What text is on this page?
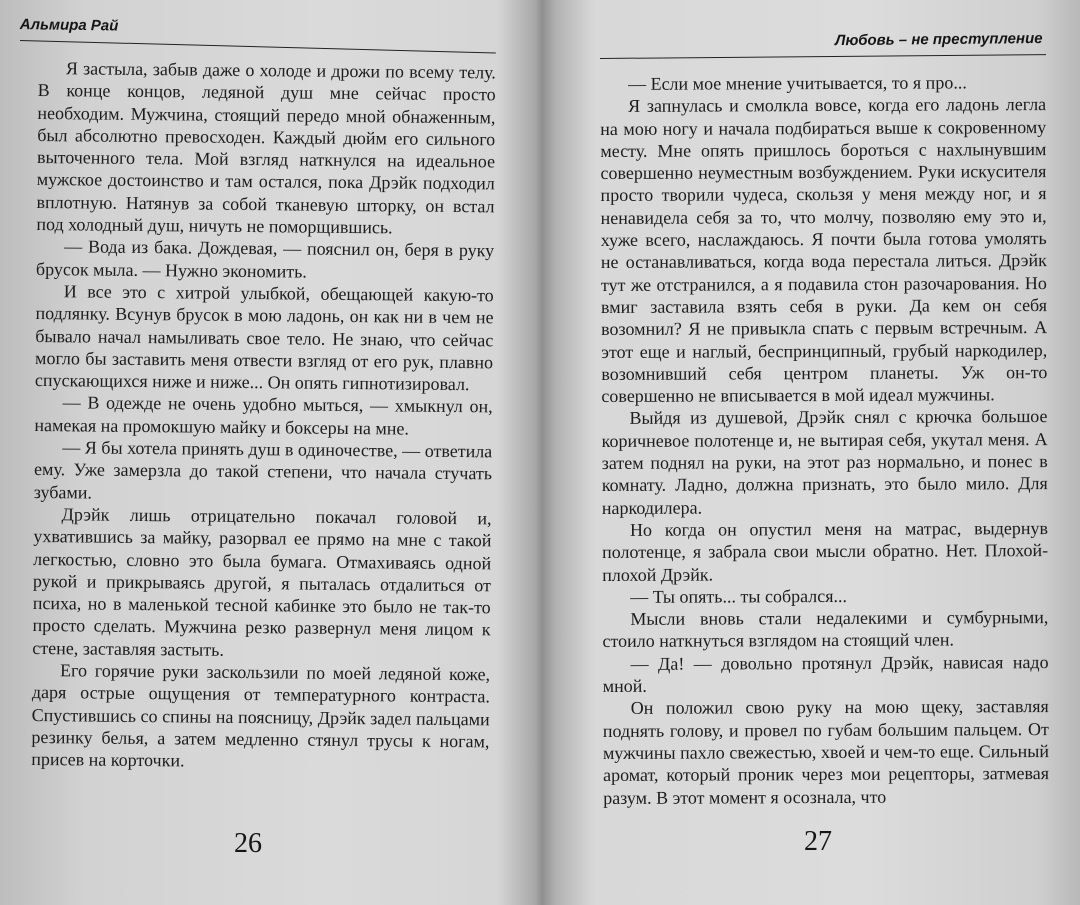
Альмира Рай

Я застыла, забыв даже о холоде и дрожи по всему телу. В конце концов, ледяной душ мне сейчас просто необходим. Мужчина, стоящий передо мной обнаженным, был абсолютно превосходен. Каждый дюйм его сильного выточенного тела. Мой взгляд наткнулся на идеальное мужское достоинство и там остался, пока Дрэйк подходил вплотную. Натянув за собой тканевую шторку, он встал под холодный душ, ничуть не поморщившись.

— Вода из бака. Дождевая, — пояснил он, беря в руку брусок мыла. — Нужно экономить.

И все это с хитрой улыбкой, обещающей какую-то подлянку. Всунув брусок в мою ладонь, он как ни в чем не бывало начал намыливать свое тело. Не знаю, что сейчас могло бы заставить меня отвести взгляд от его рук, плавно спускающихся ниже и ниже... Он опять гипнотизировал.

— В одежде не очень удобно мыться, — хмыкнул он, намекая на промокшую майку и боксеры на мне.

— Я бы хотела принять душ в одиночестве, — ответила ему. Уже замерзла до такой степени, что начала стучать зубами.

Дрэйк лишь отрицательно покачал головой и, ухватившись за майку, разорвал ее прямо на мне с такой легкостью, словно это была бумага. Отмахиваясь одной рукой и прикрываясь другой, я пыталась отдалиться от психа, но в маленькой тесной кабинке это было не так-то просто сделать. Мужчина резко развернул меня лицом к стене, заставляя застыть.

Его горячие руки заскользили по моей ледяной коже, даря острые ощущения от температурного контраста. Спустившись со спины на поясницу, Дрэйк задел пальцами резинку белья, а затем медленно стянул трусы к ногам, присев на корточки.

26
Любовь – не преступление

— Если мое мнение учитывается, то я про...

Я запнулась и смолкла вовсе, когда его ладонь легла на мою ногу и начала подбираться выше к сокровенному месту. Мне опять пришлось бороться с нахлынувшим совершенно неуместным возбуждением. Руки искусителя просто творили чудеса, скользя у меня между ног, и я ненавидела себя за то, что молчу, позволяю ему это и, хуже всего, наслаждаюсь. Я почти была готова умолять не останавливаться, когда вода перестала литься. Дрэйк тут же отстранился, а я подавила стон разочарования. Но вмиг заставила взять себя в руки. Да кем он себя возомнил? Я не привыкла спать с первым встречным. А этот еще и наглый, беспринципный, грубый наркодилер, возомнивший себя центром планеты. Уж он-то совершенно не вписывается в мой идеал мужчины.

Выйдя из душевой, Дрэйк снял с крючка большое коричневое полотенце и, не вытирая себя, укутал меня. А затем поднял на руки, на этот раз нормально, и понес в комнату. Ладно, должна признать, это было мило. Для наркодилера.

Но когда он опустил меня на матрас, выдернув полотенце, я забрала свои мысли обратно. Нет. Плохой-плохой Дрэйк.

— Ты опять... ты собрался...

Мысли вновь стали недалекими и сумбурными, стоило наткнуться взглядом на стоящий член.

— Да! — довольно протянул Дрэйк, нависая надо мной.

Он положил свою руку на мою щеку, заставляя поднять голову, и провел по губам большим пальцем. От мужчины пахло свежестью, хвоей и чем-то еще. Сильный аромат, который проник через мои рецепторы, затмевая разум. В этот момент я осознала, что

27
